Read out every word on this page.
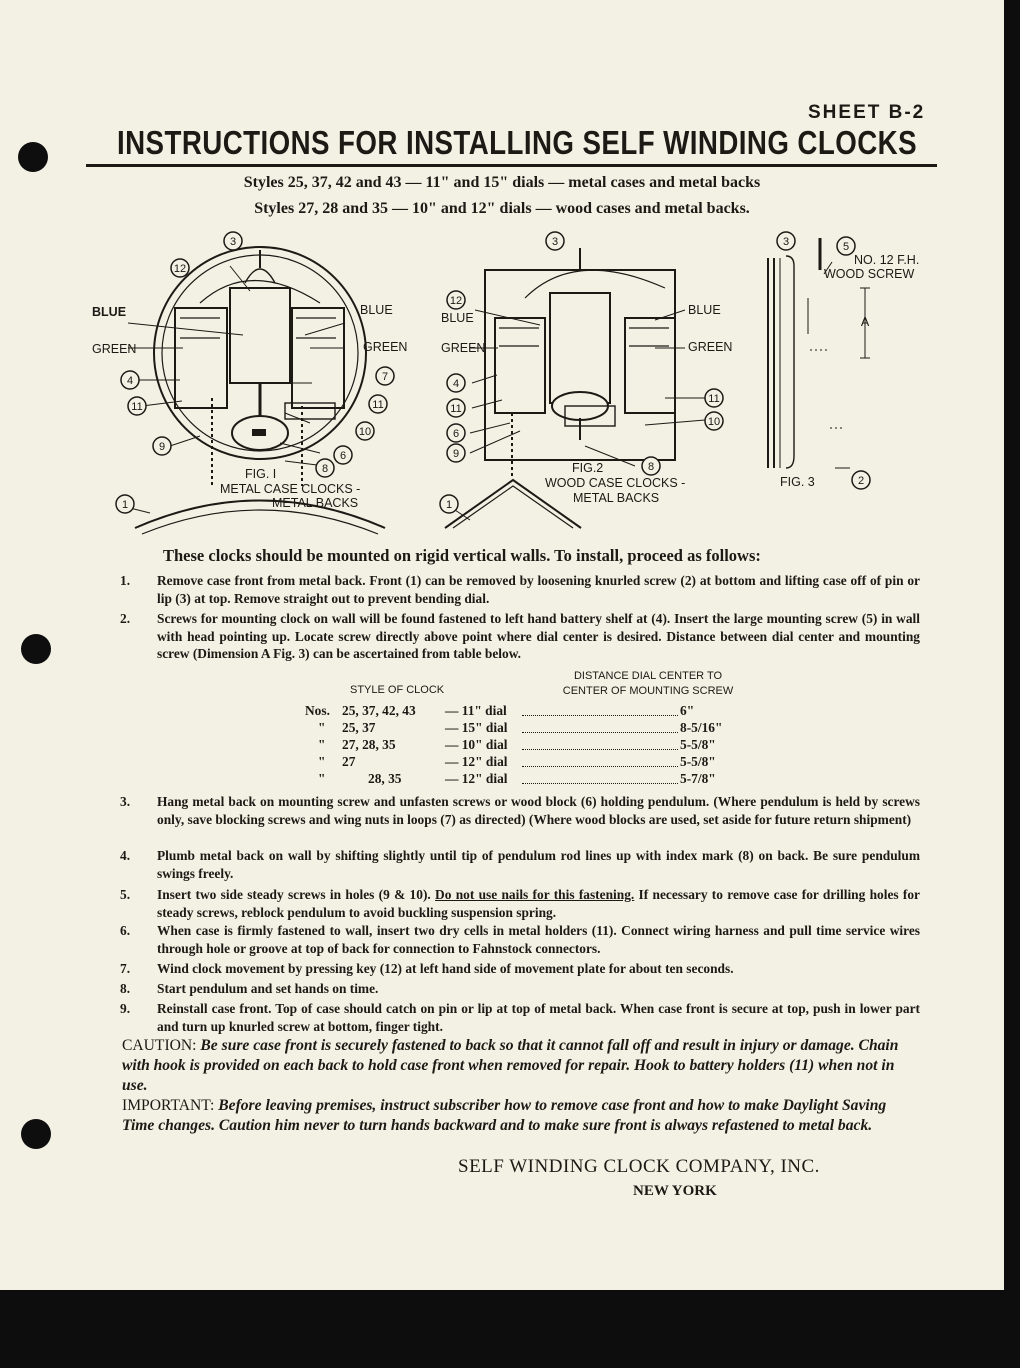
SHEET B-2
INSTRUCTIONS FOR INSTALLING SELF WINDING CLOCKS
Styles 25, 37, 42 and 43 — 11" and 15" dials — metal cases and metal backs
Styles 27, 28 and 35 — 10" and 12" dials — wood cases and metal backs.
3
12
4
11
9
7
11
10
6
8
1
3
12
4
11
6
9
11
10
8
1
3	5
2
BLUE	BLUE
GREEN	GREEN
FIG. I
METAL CASE CLOCKS -
METAL BACKS
BLUE
BLUE
GREEN	GREEN
FIG.2
WOOD CASE CLOCKS -
METAL BACKS
NO. 12 F.H.
WOOD SCREW
A
FIG. 3
These clocks should be mounted on rigid vertical walls. To install, proceed as follows:
1. Remove case front from metal back. Front (1) can be removed by loosening knurled screw (2) at bottom and lifting case off of pin or lip (3) at top. Remove straight out to prevent bending dial.
2. Screws for mounting clock on wall will be found fastened to left hand battery shelf at (4). Insert the large mounting screw (5) in wall with head pointing up. Locate screw directly above point where dial center is desired. Distance between dial center and mounting screw (Dimension A Fig. 3) can be ascertained from table below.
STYLE OF CLOCK
DISTANCE DIAL CENTER TO
CENTER OF MOUNTING SCREW
Nos. 25, 37, 42, 43 — 11" dial	6"
" 25, 37	— 15" dial	8-5/16"
" 27, 28, 35	— 10" dial	5-5/8"
" 27	— 12" dial	5-5/8"
"	28, 35	— 12" dial	5-7/8"
3. Hang metal back on mounting screw and unfasten screws or wood block (6) holding pendulum. (Where pendulum is held by screws only, save blocking screws and wing nuts in loops (7) as directed) (Where wood blocks are used, set aside for future return shipment)
4. Plumb metal back on wall by shifting slightly until tip of pendulum rod lines up with index mark (8) on back. Be sure pendulum swings freely.
5. Insert two side steady screws in holes (9 & 10). Do not use nails for this fastening. If necessary to remove case for drilling holes for steady screws, reblock pendulum to avoid buckling suspension spring.
6. When case is firmly fastened to wall, insert two dry cells in metal holders (11). Connect wiring harness and pull time service wires through hole or groove at top of back for connection to Fahnstock connectors.
7. Wind clock movement by pressing key (12) at left hand side of movement plate for about ten seconds.
8. Start pendulum and set hands on time.
9. Reinstall case front. Top of case should catch on pin or lip at top of metal back. When case front is secure at top, push in lower part and turn up knurled screw at bottom, finger tight.
CAUTION: Be sure case front is securely fastened to back so that it cannot fall off and result in injury or damage. Chain with hook is provided on each back to hold case front when removed for repair. Hook to battery holders (11) when not in use.
IMPORTANT: Before leaving premises, instruct subscriber how to remove case front and how to make Daylight Saving Time changes. Caution him never to turn hands backward and to make sure front is always refastened to metal back.
SELF WINDING CLOCK COMPANY, INC.
NEW YORK
